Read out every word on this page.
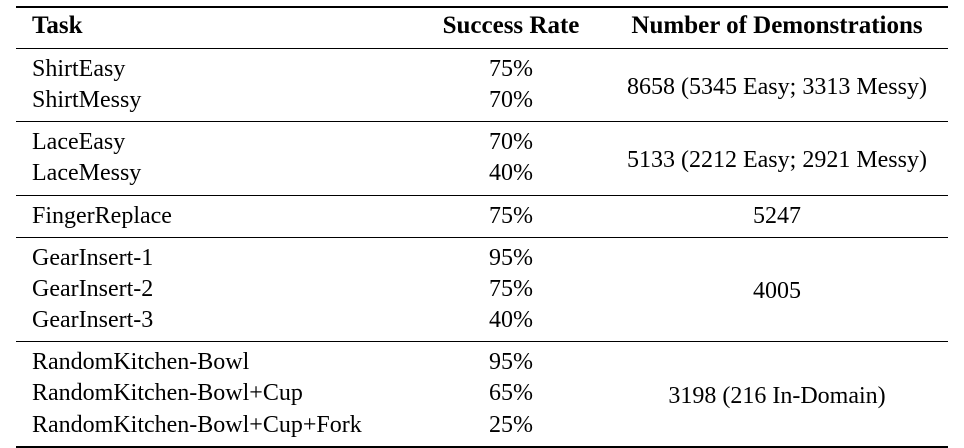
Task	Success Rate	Number of Demonstrations
ShirtEasy	75%	8658 (5345 Easy; 3313 Messy)
ShirtMessy	70%	
LaceEasy	70%	5133 (2212 Easy; 2921 Messy)
LaceMessy	40%	
FingerReplace	75%	5247
GearInsert-1	95%	4005
GearInsert-2	75%	
GearInsert-3	40%	
RandomKitchen-Bowl	95%	3198 (216 In-Domain)
RandomKitchen-Bowl+Cup	65%	
RandomKitchen-Bowl+Cup+Fork	25%	
